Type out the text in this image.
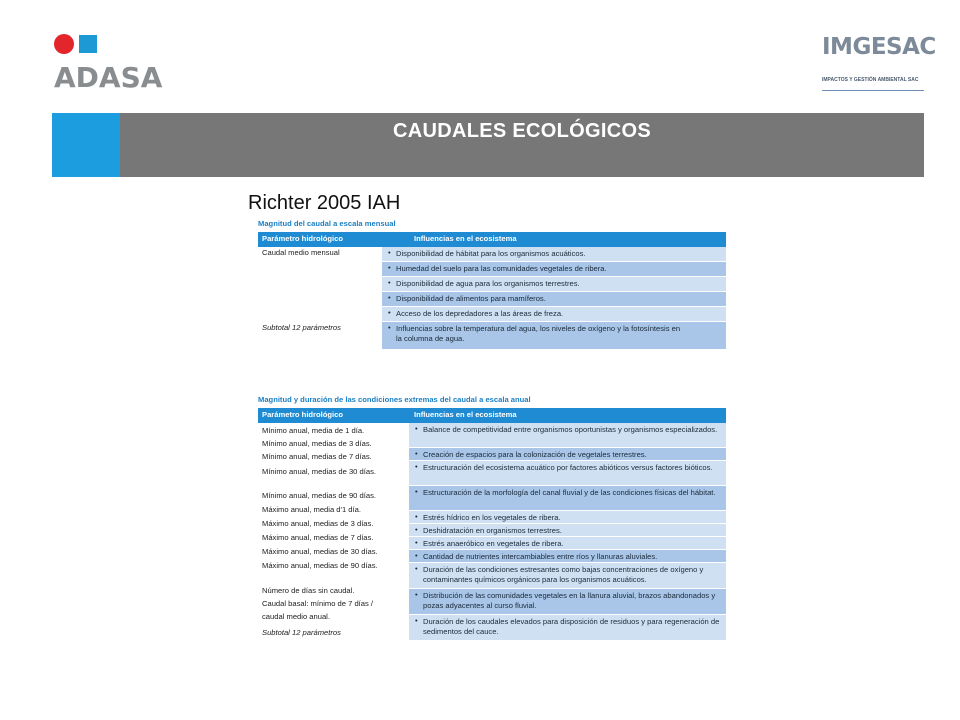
ADASA
IMGESAC
IMPACTOS Y GESTIÓN AMBIENTAL SAC
CAUDALES ECOLÓGICOS
Richter 2005 IAH
Magnitud del caudal a escala mensual
Parámetro hidrológico	Influencias en el ecosistema
Caudal medio mensual
Subtotal 12 parámetros
• Disponibilidad de hábitat para los organismos acuáticos.
• Humedad del suelo para las comunidades vegetales de ribera.
• Disponibilidad de agua para los organismos terrestres.
• Disponibilidad de alimentos para mamíferos.
• Acceso de los depredadores a las áreas de freza.
• Influencias sobre la temperatura del agua, los niveles de oxígeno y la fotosíntesis en la columna de agua.
Magnitud y duración de las condiciones extremas del caudal a escala anual
Parámetro hidrológico	Influencias en el ecosistema
Mínimo anual, media de 1 día.
Mínimo anual, medias de 3 días.
Mínimo anual, medias de 7 días.
Mínimo anual, medias de 30 días.
Mínimo anual, medias de 90 días.
Máximo anual, media d'1 día.
Máximo anual, medias de 3 días.
Máximo anual, medias de 7 días.
Máximo anual, medias de 30 días.
Máximo anual, medias de 90 días.
Número de días sin caudal.
Caudal basal: mínimo de 7 días /
caudal medio anual.
Subtotal 12 parámetros
• Balance de competitividad entre organismos oportunistas y organismos especializados.
• Creación de espacios para la colonización de vegetales terrestres.
• Estructuración del ecosistema acuático por factores abióticos versus factores bióticos.
• Estructuración de la morfología del canal fluvial y de las condiciones físicas del hábitat.
• Estrés hídrico en los vegetales de ribera.
• Deshidratación en organismos terrestres.
• Estrés anaeróbico en vegetales de ribera.
• Cantidad de nutrientes intercambiables entre ríos y llanuras aluviales.
• Duración de las condiciones estresantes como bajas concentraciones de oxígeno y contaminantes químicos orgánicos para los organismos acuáticos.
• Distribución de las comunidades vegetales en la llanura aluvial, brazos abandonados y pozas adyacentes al curso fluvial.
• Duración de los caudales elevados para disposición de residuos y para regeneración de sedimentos del cauce.
